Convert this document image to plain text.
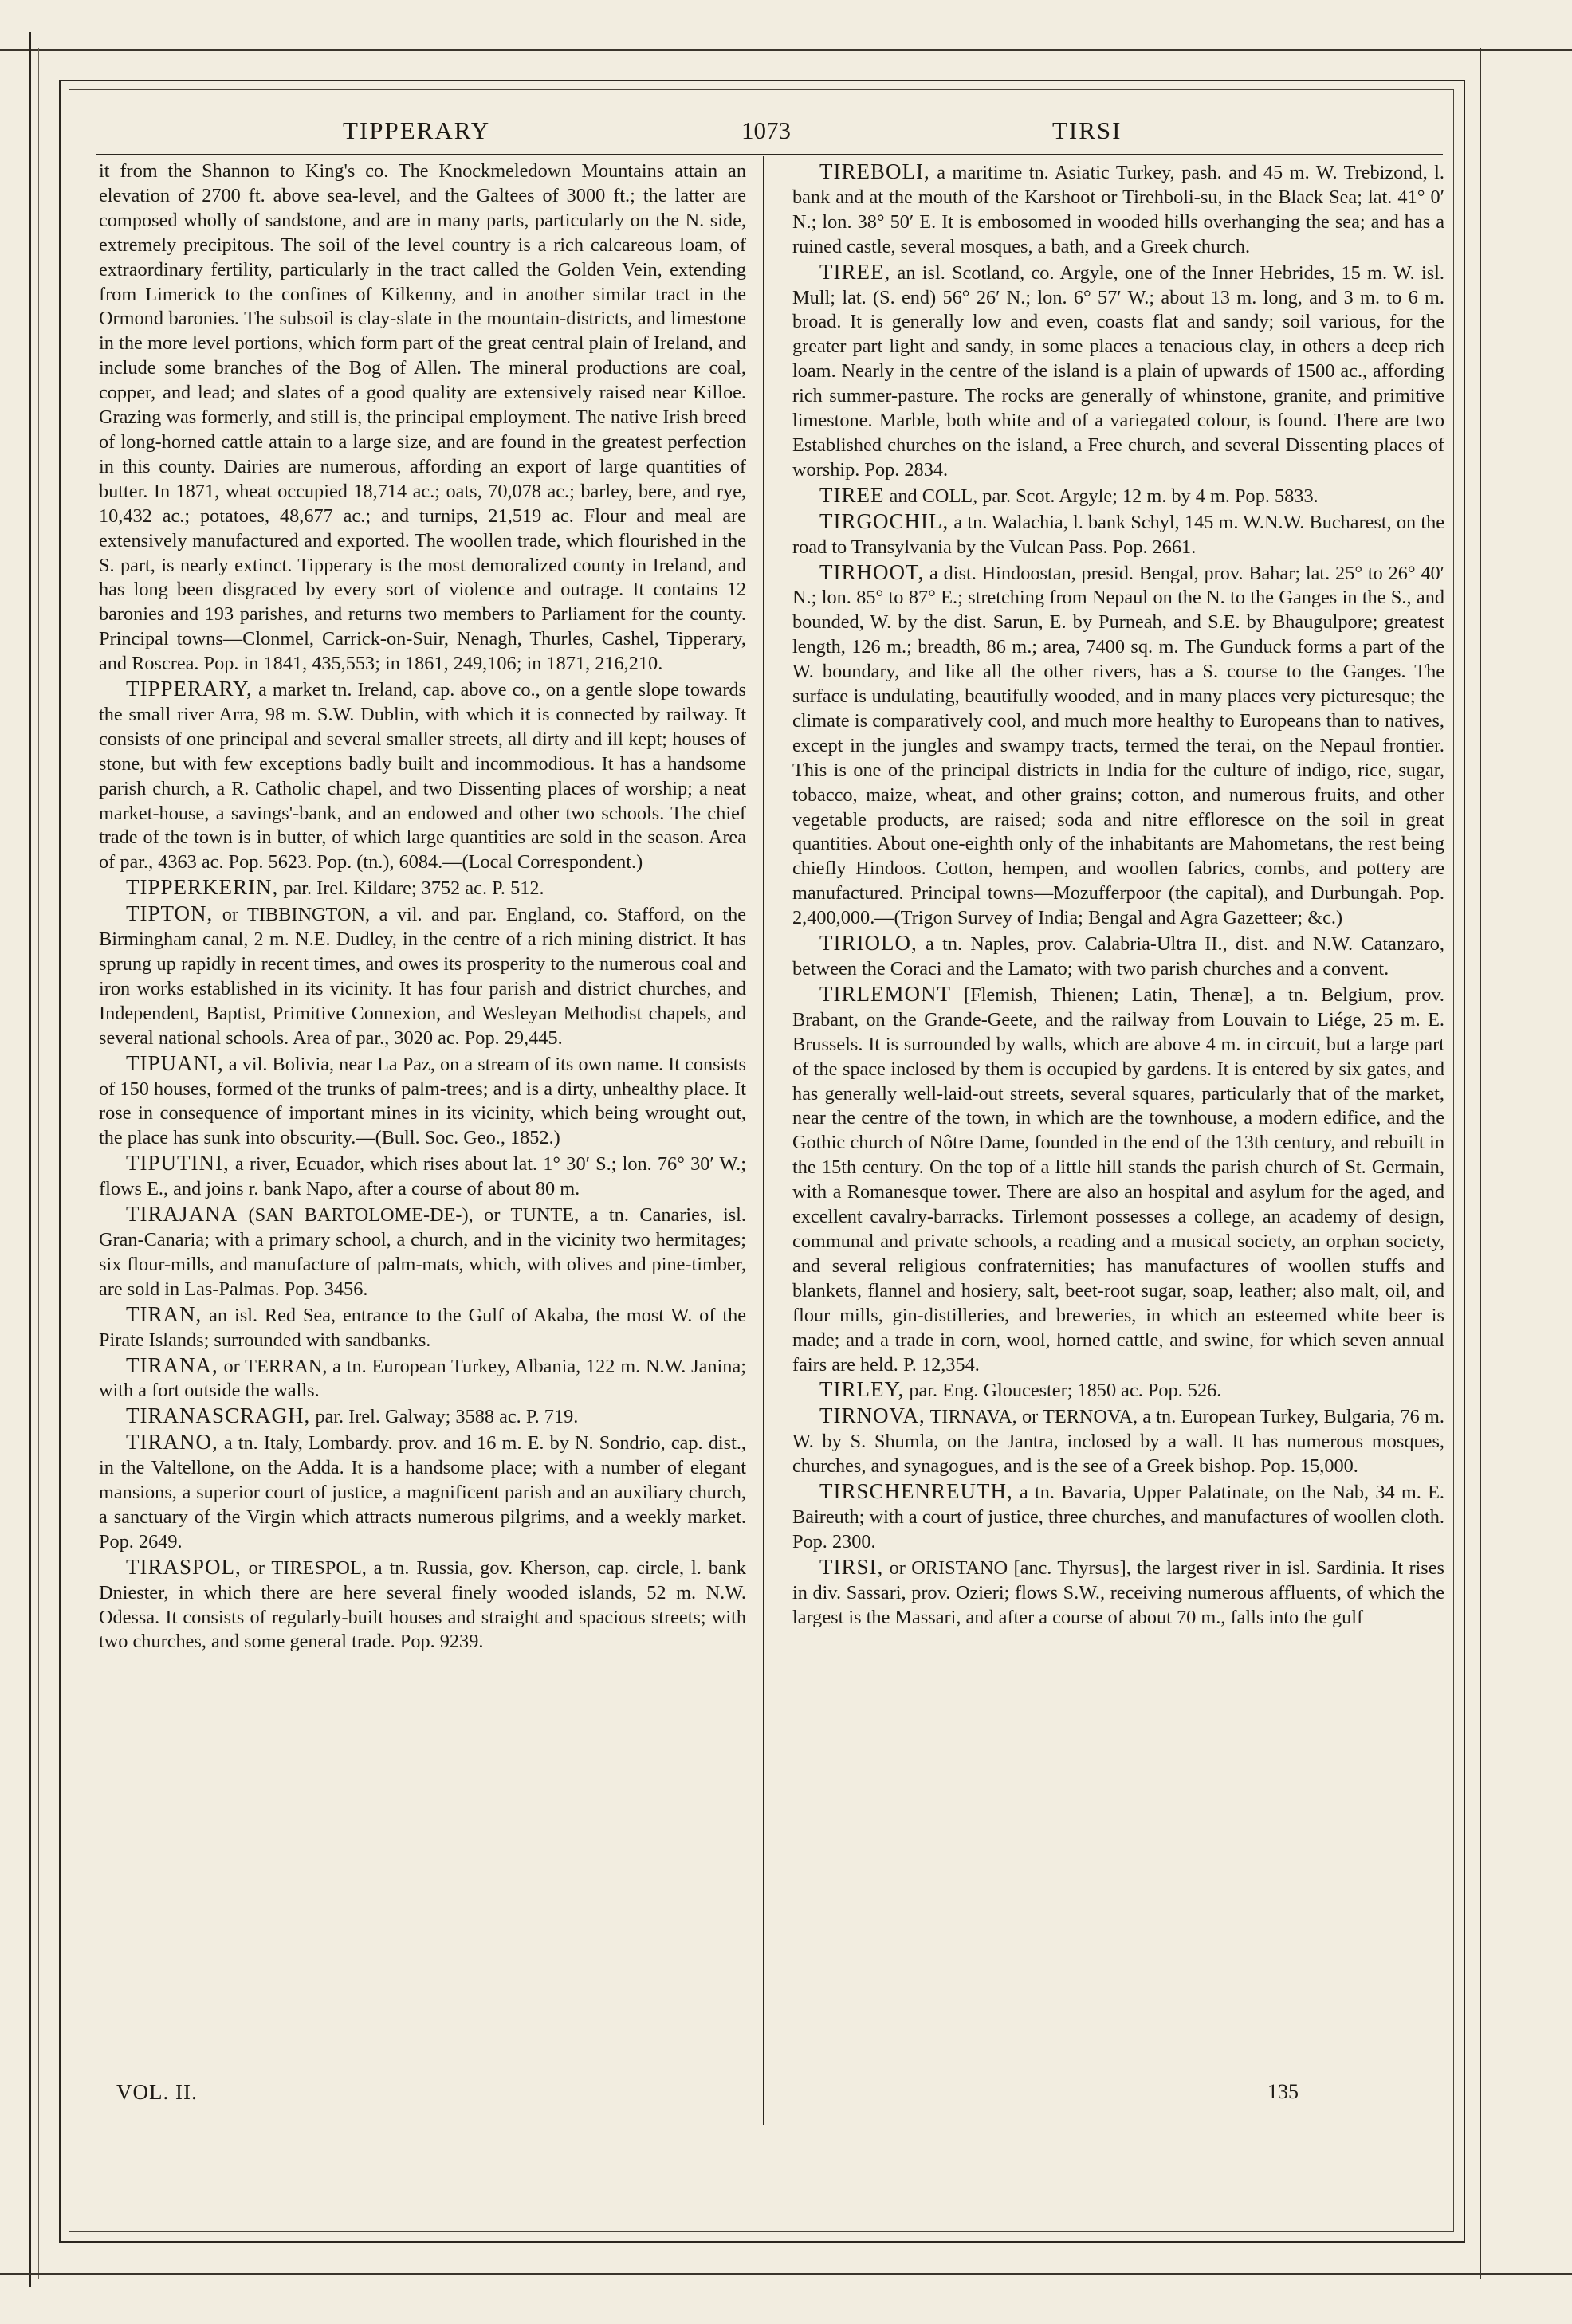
TIPPERARY	1073	TIRSI

it from the Shannon to King's co. The Knockmeledown Mountains attain an elevation of 2700 ft. above sea-level, and the Galtees of 3000 ft.; the latter are composed wholly of sandstone, and are in many parts, particularly on the N. side, extremely precipitous. The soil of the level country is a rich calcareous loam, of extraordinary fertility, particularly in the tract called the Golden Vein, extending from Limerick to the confines of Kilkenny, and in another similar tract in the Ormond baronies. The subsoil is clay-slate in the mountain-districts, and limestone in the more level portions, which form part of the great central plain of Ireland, and include some branches of the Bog of Allen. The mineral productions are coal, copper, and lead; and slates of a good quality are extensively raised near Killoe. Grazing was formerly, and still is, the principal employment. The native Irish breed of long-horned cattle attain to a large size, and are found in the greatest perfection in this county. Dairies are numerous, affording an export of large quantities of butter. In 1871, wheat occupied 18,714 ac.; oats, 70,078 ac.; barley, bere, and rye, 10,432 ac.; potatoes, 48,677 ac.; and turnips, 21,519 ac. Flour and meal are extensively manufactured and exported. The woollen trade, which flourished in the S. part, is nearly extinct. Tipperary is the most demoralized county in Ireland, and has long been disgraced by every sort of violence and outrage. It contains 12 baronies and 193 parishes, and returns two members to Parliament for the county. Principal towns—Clonmel, Carrick-on-Suir, Nenagh, Thurles, Cashel, Tipperary, and Roscrea. Pop. in 1841, 435,553; in 1861, 249,106; in 1871, 216,210.

TIPPERARY, a market tn. Ireland, cap. above co., on a gentle slope towards the small river Arra, 98 m. S.W. Dublin, with which it is connected by railway. It consists of one principal and several smaller streets, all dirty and ill kept; houses of stone, but with few exceptions badly built and incommodious. It has a handsome parish church, a R. Catholic chapel, and two Dissenting places of worship; a neat market-house, a savings'-bank, and an endowed and other two schools. The chief trade of the town is in butter, of which large quantities are sold in the season. Area of par., 4363 ac. Pop. 5623. Pop. (tn.), 6084.—(Local Correspondent.)

TIPPERKERIN, par. Irel. Kildare; 3752 ac. P. 512.

TIPTON, or TIBBINGTON, a vil. and par. England, co. Stafford, on the Birmingham canal, 2 m. N.E. Dudley, in the centre of a rich mining district. It has sprung up rapidly in recent times, and owes its prosperity to the numerous coal and iron works established in its vicinity. It has four parish and district churches, and Independent, Baptist, Primitive Connexion, and Wesleyan Methodist chapels, and several national schools. Area of par., 3020 ac. Pop. 29,445.

TIPUANI, a vil. Bolivia, near La Paz, on a stream of its own name. It consists of 150 houses, formed of the trunks of palm-trees; and is a dirty, unhealthy place. It rose in consequence of important mines in its vicinity, which being wrought out, the place has sunk into obscurity.—(Bull. Soc. Geo., 1852.)

TIPUTINI, a river, Ecuador, which rises about lat. 1° 30′ S.; lon. 76° 30′ W.; flows E., and joins r. bank Napo, after a course of about 80 m.

TIRAJANA (SAN BARTOLOME-DE-), or TUNTE, a tn. Canaries, isl. Gran-Canaria; with a primary school, a church, and in the vicinity two hermitages; six flour-mills, and manufacture of palm-mats, which, with olives and pine-timber, are sold in Las-Palmas. Pop. 3456.

TIRAN, an isl. Red Sea, entrance to the Gulf of Akaba, the most W. of the Pirate Islands; surrounded with sandbanks.

TIRANA, or TERRAN, a tn. European Turkey, Albania, 122 m. N.W. Janina; with a fort outside the walls.

TIRANASCRAGH, par. Irel. Galway; 3588 ac. P. 719.

TIRANO, a tn. Italy, Lombardy. prov. and 16 m. E. by N. Sondrio, cap. dist., in the Valtellone, on the Adda. It is a handsome place; with a number of elegant mansions, a superior court of justice, a magnificent parish and an auxiliary church, a sanctuary of the Virgin which attracts numerous pilgrims, and a weekly market. Pop. 2649.

TIRASPOL, or TIRESPOL, a tn. Russia, gov. Kherson, cap. circle, l. bank Dniester, in which there are here several finely wooded islands, 52 m. N.W. Odessa. It consists of regularly-built houses and straight and spacious streets; with two churches, and some general trade. Pop. 9239.

TIREBOLI, a maritime tn. Asiatic Turkey, pash. and 45 m. W. Trebizond, l. bank and at the mouth of the Karshoot or Tirehboli-su, in the Black Sea; lat. 41° 0′ N.; lon. 38° 50′ E. It is embosomed in wooded hills overhanging the sea; and has a ruined castle, several mosques, a bath, and a Greek church.

TIREE, an isl. Scotland, co. Argyle, one of the Inner Hebrides, 15 m. W. isl. Mull; lat. (S. end) 56° 26′ N.; lon. 6° 57′ W.; about 13 m. long, and 3 m. to 6 m. broad. It is generally low and even, coasts flat and sandy; soil various, for the greater part light and sandy, in some places a tenacious clay, in others a deep rich loam. Nearly in the centre of the island is a plain of upwards of 1500 ac., affording rich summer-pasture. The rocks are generally of whinstone, granite, and primitive limestone. Marble, both white and of a variegated colour, is found. There are two Established churches on the island, a Free church, and several Dissenting places of worship. Pop. 2834.

TIREE and COLL, par. Scot. Argyle; 12 m. by 4 m. Pop. 5833.

TIRGOCHIL, a tn. Walachia, l. bank Schyl, 145 m. W.N.W. Bucharest, on the road to Transylvania by the Vulcan Pass. Pop. 2661.

TIRHOOT, a dist. Hindoostan, presid. Bengal, prov. Bahar; lat. 25° to 26° 40′ N.; lon. 85° to 87° E.; stretching from Nepaul on the N. to the Ganges in the S., and bounded, W. by the dist. Sarun, E. by Purneah, and S.E. by Bhaugulpore; greatest length, 126 m.; breadth, 86 m.; area, 7400 sq. m. The Gunduck forms a part of the W. boundary, and like all the other rivers, has a S. course to the Ganges. The surface is undulating, beautifully wooded, and in many places very picturesque; the climate is comparatively cool, and much more healthy to Europeans than to natives, except in the jungles and swampy tracts, termed the terai, on the Nepaul frontier. This is one of the principal districts in India for the culture of indigo, rice, sugar, tobacco, maize, wheat, and other grains; cotton, and numerous fruits, and other vegetable products, are raised; soda and nitre effloresce on the soil in great quantities. About one-eighth only of the inhabitants are Mahometans, the rest being chiefly Hindoos. Cotton, hempen, and woollen fabrics, combs, and pottery are manufactured. Principal towns—Mozufferpoor (the capital), and Durbungah. Pop. 2,400,000.—(Trigon Survey of India; Bengal and Agra Gazetteer; &c.)

TIRIOLO, a tn. Naples, prov. Calabria-Ultra II., dist. and N.W. Catanzaro, between the Coraci and the Lamato; with two parish churches and a convent.

TIRLEMONT [Flemish, Thienen; Latin, Thenæ], a tn. Belgium, prov. Brabant, on the Grande-Geete, and the railway from Louvain to Liége, 25 m. E. Brussels. It is surrounded by walls, which are above 4 m. in circuit, but a large part of the space inclosed by them is occupied by gardens. It is entered by six gates, and has generally well-laid-out streets, several squares, particularly that of the market, near the centre of the town, in which are the townhouse, a modern edifice, and the Gothic church of Nôtre Dame, founded in the end of the 13th century, and rebuilt in the 15th century. On the top of a little hill stands the parish church of St. Germain, with a Romanesque tower. There are also an hospital and asylum for the aged, and excellent cavalry-barracks. Tirlemont possesses a college, an academy of design, communal and private schools, a reading and a musical society, an orphan society, and several religious confraternities; has manufactures of woollen stuffs and blankets, flannel and hosiery, salt, beet-root sugar, soap, leather; also malt, oil, and flour mills, gin-distilleries, and breweries, in which an esteemed white beer is made; and a trade in corn, wool, horned cattle, and swine, for which seven annual fairs are held. P. 12,354.

TIRLEY, par. Eng. Gloucester; 1850 ac. Pop. 526.

TIRNOVA, TIRNAVA, or TERNOVA, a tn. European Turkey, Bulgaria, 76 m. W. by S. Shumla, on the Jantra, inclosed by a wall. It has numerous mosques, churches, and synagogues, and is the see of a Greek bishop. Pop. 15,000.

TIRSCHENREUTH, a tn. Bavaria, Upper Palatinate, on the Nab, 34 m. E. Baireuth; with a court of justice, three churches, and manufactures of woollen cloth. Pop. 2300.

TIRSI, or ORISTANO [anc. Thyrsus], the largest river in isl. Sardinia. It rises in div. Sassari, prov. Ozieri; flows S.W., receiving numerous affluents, of which the largest is the Massari, and after a course of about 70 m., falls into the gulf

VOL. II.	135
